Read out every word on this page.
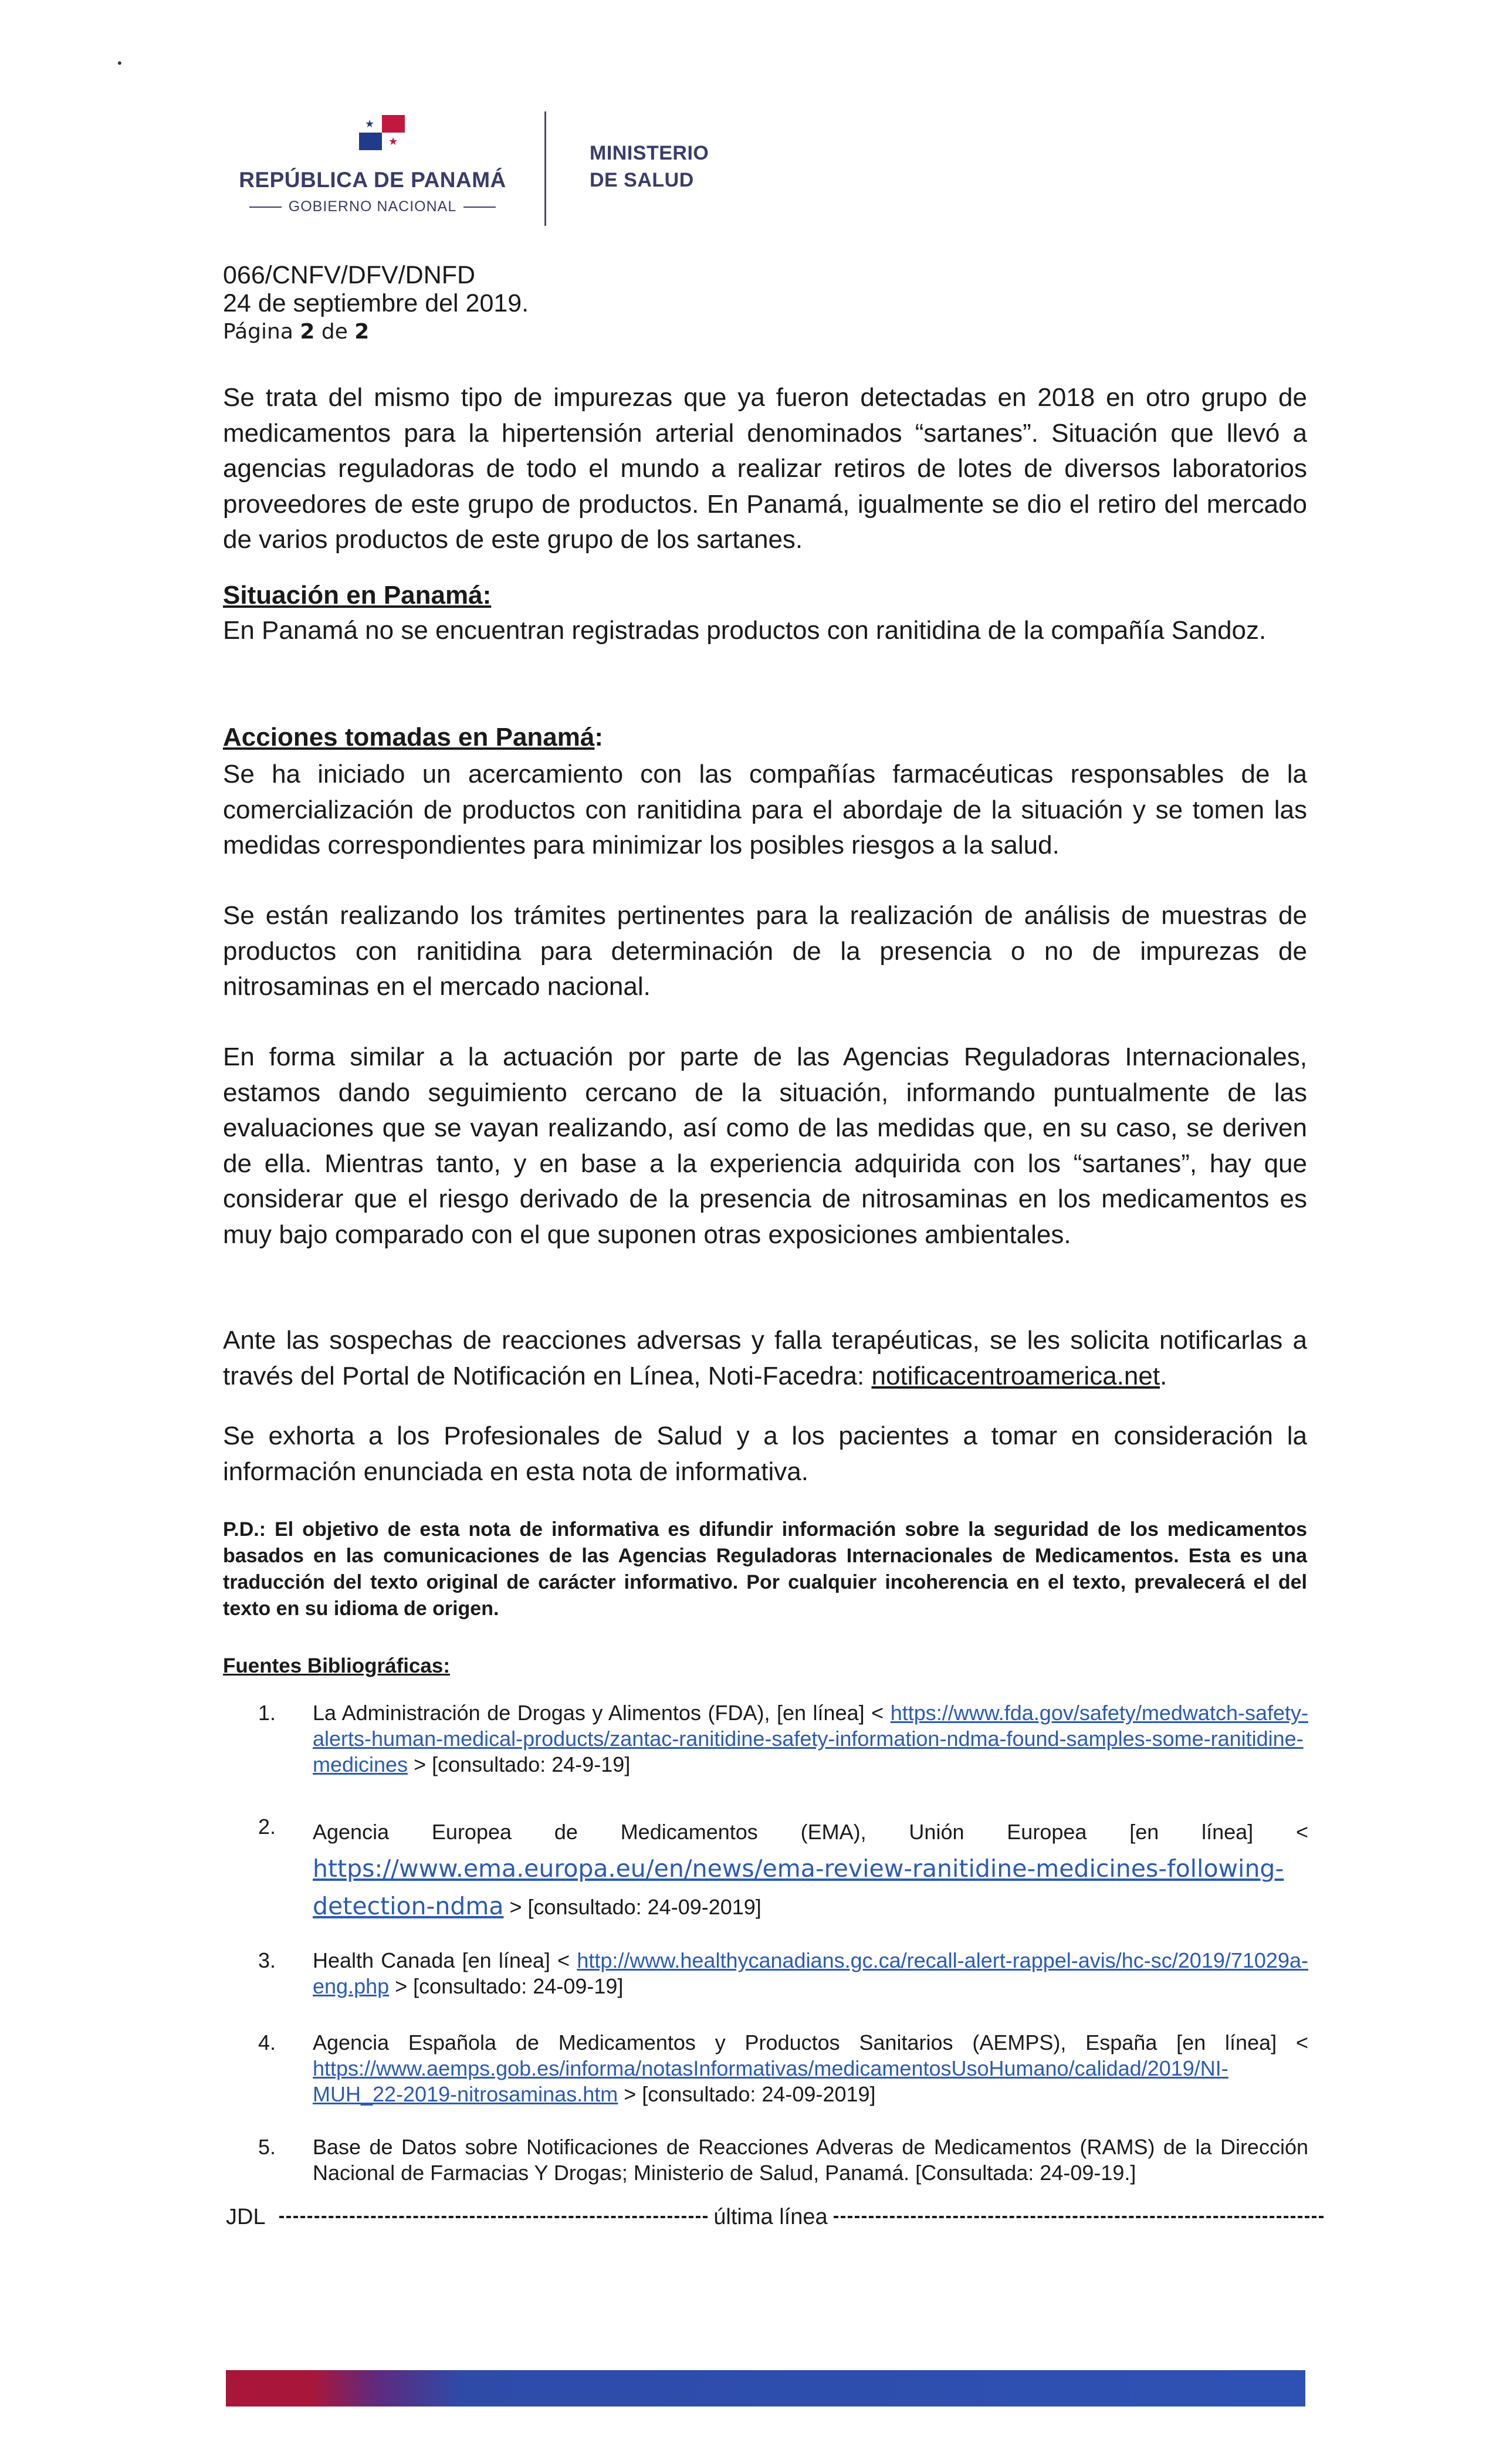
•
★
★
REPÚBLICA DE PANAMÁ
GOBIERNO NACIONAL
MINISTERIO
DE SALUD
066/CNFV/DFV/DNFD
24 de septiembre del 2019.
Página 2 de 2
Se trata del mismo tipo de impurezas que ya fueron detectadas en 2018 en otro grupo de medicamentos para la hipertensión arterial denominados “sartanes”. Situación que llevó a agencias reguladoras de todo el mundo a realizar retiros de lotes de diversos laboratorios proveedores de este grupo de productos. En Panamá, igualmente se dio el retiro del mercado de varios productos de este grupo de los sartanes.
Situación en Panamá:
En Panamá no se encuentran registradas productos con ranitidina de la compañía Sandoz.
Acciones tomadas en Panamá:
Se ha iniciado un acercamiento con las compañías farmacéuticas responsables de la comercialización de productos con ranitidina para el abordaje de la situación y se tomen las medidas correspondientes para minimizar los posibles riesgos a la salud.
Se están realizando los trámites pertinentes para la realización de análisis de muestras de productos con ranitidina para determinación de la presencia o no de impurezas de nitrosaminas en el mercado nacional.
En forma similar a la actuación por parte de las Agencias Reguladoras Internacionales, estamos dando seguimiento cercano de la situación, informando puntualmente de las evaluaciones que se vayan realizando, así como de las medidas que, en su caso, se deriven de ella. Mientras tanto, y en base a la experiencia adquirida con los “sartanes”, hay que considerar que el riesgo derivado de la presencia de nitrosaminas en los medicamentos es muy bajo comparado con el que suponen otras exposiciones ambientales.
Ante las sospechas de reacciones adversas y falla terapéuticas, se les solicita notificarlas a través del Portal de Notificación en Línea, Noti-Facedra: notificacentroamerica.net.
Se exhorta a los Profesionales de Salud y a los pacientes a tomar en consideración la información enunciada en esta nota de informativa.
P.D.: El objetivo de esta nota de informativa es difundir información sobre la seguridad de los medicamentos basados en las comunicaciones de las Agencias Reguladoras Internacionales de Medicamentos. Esta es una traducción del texto original de carácter informativo. Por cualquier incoherencia en el texto, prevalecerá el del texto en su idioma de origen.
Fuentes Bibliográficas:
1.	La Administración de Drogas y Alimentos (FDA), [en línea] < https://www.fda.gov/safety/medwatch-safety-alerts-human-medical-products/zantac-ranitidine-safety-information-ndma-found-samples-some-ranitidine-medicines > [consultado: 24-9-19]
2.	Agencia Europea de Medicamentos (EMA), Unión Europea [en línea] < https://www.ema.europa.eu/en/news/ema-review-ranitidine-medicines-following-detection-ndma > [consultado: 24-09-2019]
3.	Health Canada [en línea] < http://www.healthycanadians.gc.ca/recall-alert-rappel-avis/hc-sc/2019/71029a-eng.php > [consultado: 24-09-19]
4.	Agencia Española de Medicamentos y Productos Sanitarios (AEMPS), España [en línea] < https://www.aemps.gob.es/informa/notasInformativas/medicamentosUsoHumano/calidad/2019/NI-MUH_22-2019-nitrosaminas.htm > [consultado: 24-09-2019]
5.	Base de Datos sobre Notificaciones de Reacciones Adveras de Medicamentos (RAMS) de la Dirección Nacional de Farmacias Y Drogas; Ministerio de Salud, Panamá. [Consultada: 24-09-19.]
JDL	última línea
